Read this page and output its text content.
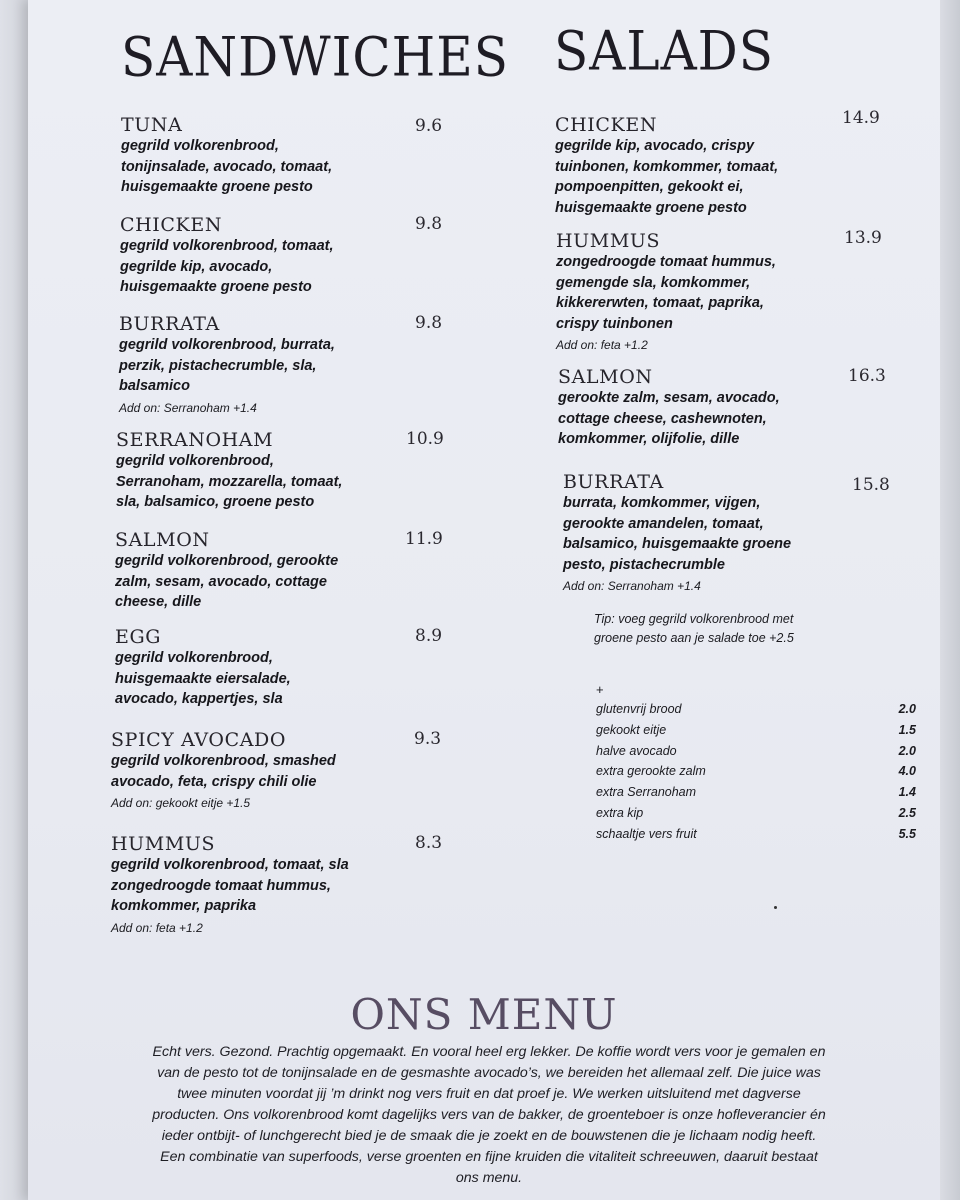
SANDWICHES SALADS
TUNA	9.6
gegrild volkorenbrood,
tonijnsalade, avocado, tomaat,
huisgemaakte groene pesto
CHICKEN	9.8
gegrild volkorenbrood, tomaat,
gegrilde kip, avocado,
huisgemaakte groene pesto
BURRATA	9.8
gegrild volkorenbrood, burrata,
perzik, pistachecrumble, sla,
balsamico
Add on: Serranoham +1.4
SERRANOHAM	10.9
gegrild volkorenbrood,
Serranoham, mozzarella, tomaat,
sla, balsamico, groene pesto
SALMON	11.9
gegrild volkorenbrood, gerookte
zalm, sesam, avocado, cottage
cheese, dille
EGG	8.9
gegrild volkorenbrood,
huisgemaakte eiersalade,
avocado, kappertjes, sla
SPICY AVOCADO	9.3
gegrild volkorenbrood, smashed
avocado, feta, crispy chili olie
Add on: gekookt eitje +1.5
HUMMUS	8.3
gegrild volkorenbrood, tomaat, sla
zongedroogde tomaat hummus,
komkommer, paprika
Add on: feta +1.2
CHICKEN	14.9
gegrilde kip, avocado, crispy
tuinbonen, komkommer, tomaat,
pompoenpitten, gekookt ei,
huisgemaakte groene pesto
HUMMUS	13.9
zongedroogde tomaat hummus,
gemengde sla, komkommer,
kikkererwten, tomaat, paprika,
crispy tuinbonen
Add on: feta +1.2
SALMON	16.3
gerookte zalm, sesam, avocado,
cottage cheese, cashewnoten,
komkommer, olijfolie, dille
BURRATA	15.8
burrata, komkommer, vijgen,
gerookte amandelen, tomaat,
balsamico, huisgemaakte groene
pesto, pistachecrumble
Add on: Serranoham +1.4
Tip: voeg gegrild volkorenbrood met
groene pesto aan je salade toe +2.5
+
glutenvrij brood	2.0
gekookt eitje	1.5
halve avocado	2.0
extra gerookte zalm	4.0
extra Serranoham	1.4
extra kip	2.5
schaaltje vers fruit	5.5
ONS MENU
Echt vers. Gezond. Prachtig opgemaakt. En vooral heel erg lekker. De koffie wordt vers voor je gemalen en
van de pesto tot de tonijnsalade en de gesmashte avocado’s, we bereiden het allemaal zelf. Die juice was
twee minuten voordat jij ’m drinkt nog vers fruit en dat proef je. We werken uitsluitend met dagverse
producten. Ons volkorenbrood komt dagelijks vers van de bakker, de groenteboer is onze hofleverancier én
ieder ontbijt- of lunchgerecht bied je de smaak die je zoekt en de bouwstenen die je lichaam nodig heeft.
Een combinatie van superfoods, verse groenten en fijne kruiden die vitaliteit schreeuwen, daaruit bestaat
ons menu.
